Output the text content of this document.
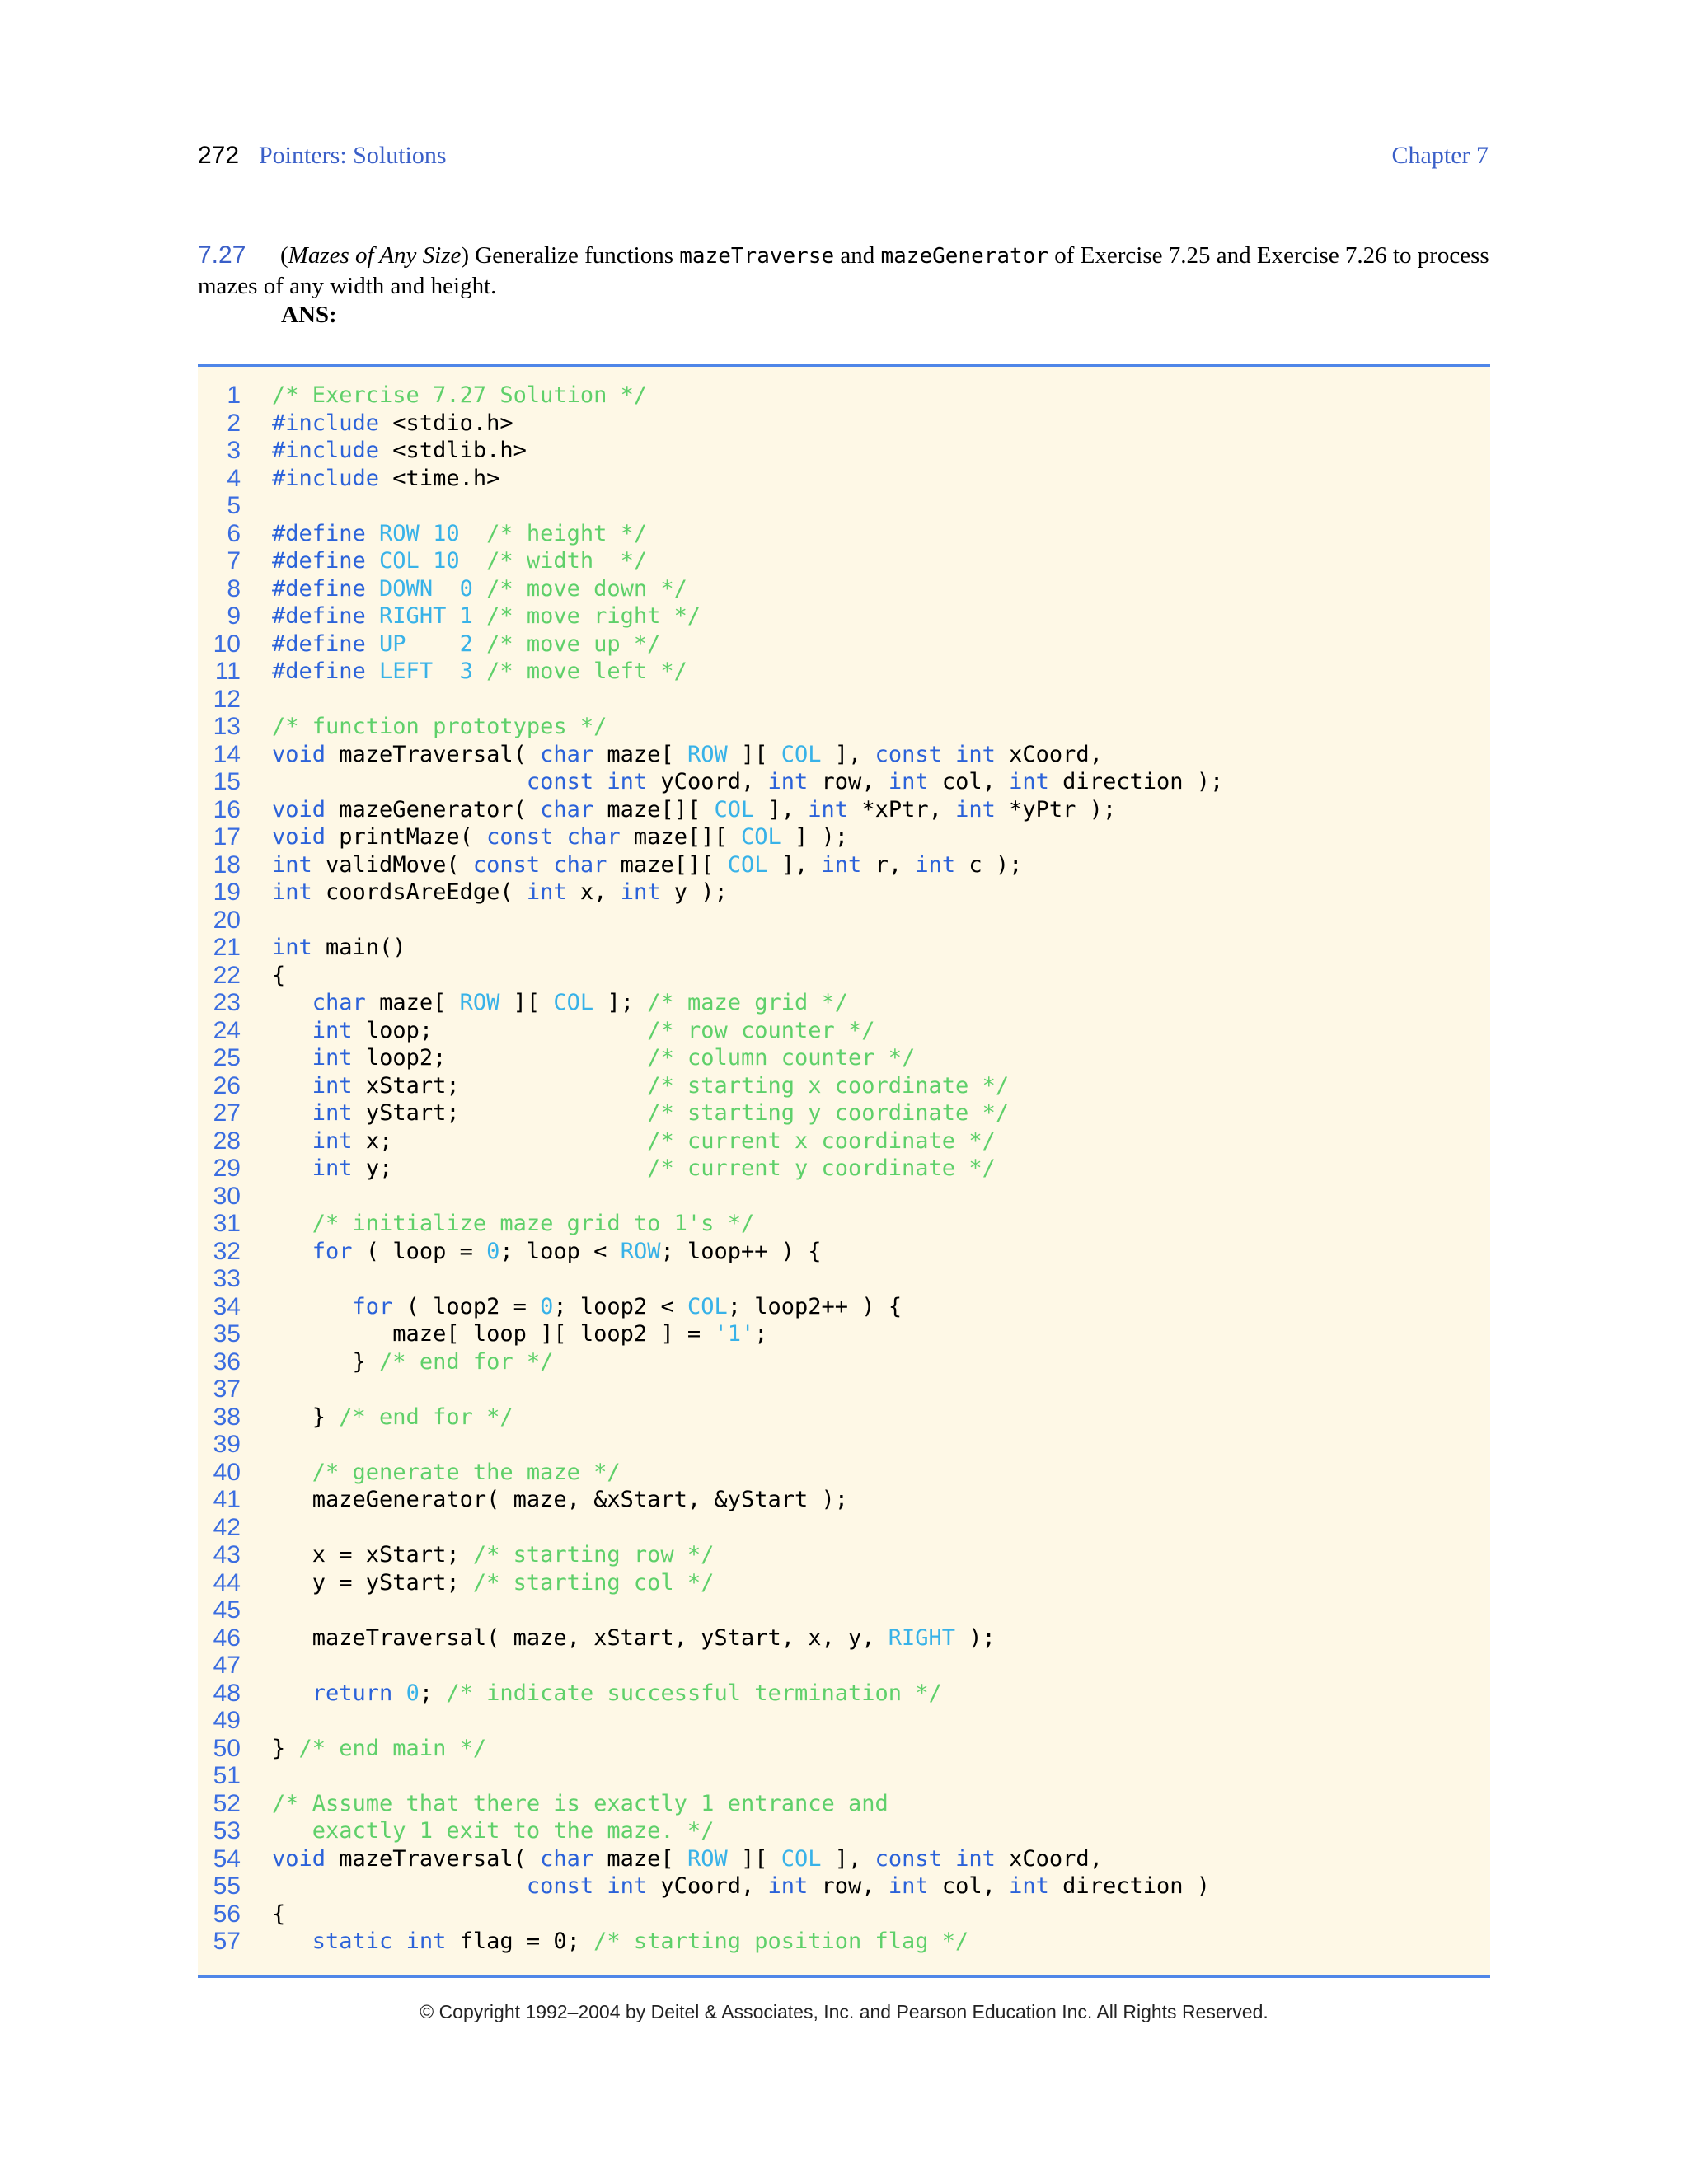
272 Pointers: Solutions	Chapter 7
7.27 (Mazes of Any Size) Generalize functions mazeTraverse and mazeGenerator of Exercise 7.25 and Exercise 7.26 to process mazes of any width and height.
ANS:
1 /* Exercise 7.27 Solution */
2 #include <stdio.h>
3 #include <stdlib.h>
4 #include <time.h>
5
6 #define ROW 10  /* height */
7 #define COL 10  /* width  */
8 #define DOWN  0 /* move down */
9 #define RIGHT 1 /* move right */
10 #define UP    2 /* move up */
11 #define LEFT  3 /* move left */
12
13 /* function prototypes */
14 void mazeTraversal( char maze[ ROW ][ COL ], const int xCoord,
15	const int yCoord, int row, int col, int direction );
16 void mazeGenerator( char maze[][ COL ], int *xPtr, int *yPtr );
17 void printMaze( const char maze[][ COL ] );
18 int validMove( const char maze[][ COL ], int r, int c );
19 int coordsAreEdge( int x, int y );
20
21 int main()
22 {
23	char maze[ ROW ][ COL ]; /* maze grid */
24	int loop;                /* row counter */
25	int loop2;               /* column counter */
26	int xStart;              /* starting x coordinate */
27	int yStart;              /* starting y coordinate */
28	int x;                   /* current x coordinate */
29	int y;                   /* current y coordinate */
30
31	/* initialize maze grid to 1's */
32	for ( loop = 0; loop < ROW; loop++ ) {
33
34	for ( loop2 = 0; loop2 < COL; loop2++ ) {
35 maze[ loop ][ loop2 ] = '1';
36 } /* end for */
37
38 } /* end for */
39
40	/* generate the maze */
41 mazeGenerator( maze, &xStart, &yStart );
42
43 x = xStart; /* starting row */
44 y = yStart; /* starting col */
45
46 mazeTraversal( maze, xStart, yStart, x, y, RIGHT );
47
48	return 0; /* indicate successful termination */
49
50 } /* end main */
51
52 /* Assume that there is exactly 1 entrance and
53 exactly 1 exit to the maze. */
54 void mazeTraversal( char maze[ ROW ][ COL ], const int xCoord,
55	const int yCoord, int row, int col, int direction )
56 {
57	static int flag = 0; /* starting position flag */
© Copyright 1992–2004 by Deitel & Associates, Inc. and Pearson Education Inc. All Rights Reserved.
